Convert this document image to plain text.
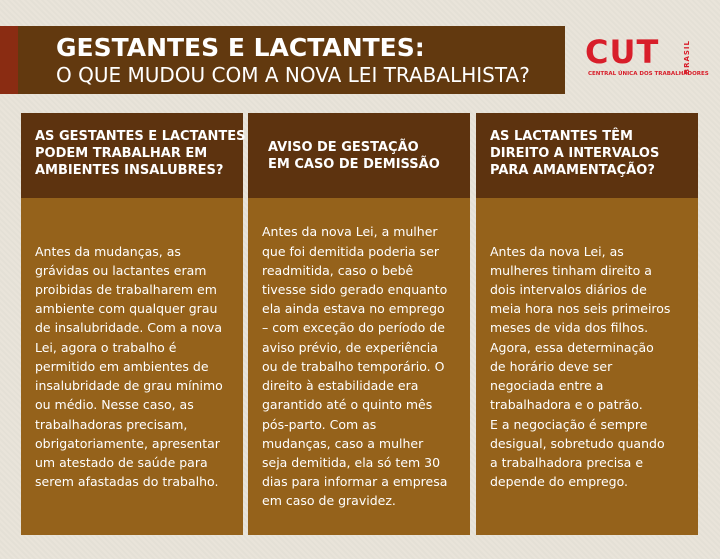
GESTANTES E LACTANTES:
O QUE MUDOU COM A NOVA LEI TRABALHISTA?
CUT	BRASIL
CENTRAL ÚNICA DOS TRABALHADORES
AS GESTANTES E LACTANTES
PODEM TRABALHAR EM
AMBIENTES INSALUBRES?
Antes da mudanças, as
grávidas ou lactantes eram
proibidas de trabalharem em
ambiente com qualquer grau
de insalubridade. Com a nova
Lei, agora o trabalho é
permitido em ambientes de
insalubridade de grau mínimo
ou médio. Nesse caso, as
trabalhadoras precisam,
obrigatoriamente, apresentar
um atestado de saúde para
serem afastadas do trabalho.
AVISO DE GESTAÇÃO
EM CASO DE DEMISSÃO
Antes da nova Lei, a mulher
que foi demitida poderia ser
readmitida, caso o bebê
tivesse sido gerado enquanto
ela ainda estava no emprego
– com exceção do período de
aviso prévio, de experiência
ou de trabalho temporário. O
direito à estabilidade era
garantido até o quinto mês
pós-parto. Com as
mudanças, caso a mulher
seja demitida, ela só tem 30
dias para informar a empresa
em caso de gravidez.
AS LACTANTES TÊM
DIREITO A INTERVALOS
PARA AMAMENTAÇÃO?
Antes da nova Lei, as
mulheres tinham direito a
dois intervalos diários de
meia hora nos seis primeiros
meses de vida dos filhos.
Agora, essa determinação
de horário deve ser
negociada entre a
trabalhadora e o patrão.
E a negociação é sempre
desigual, sobretudo quando
a trabalhadora precisa e
depende do emprego.
